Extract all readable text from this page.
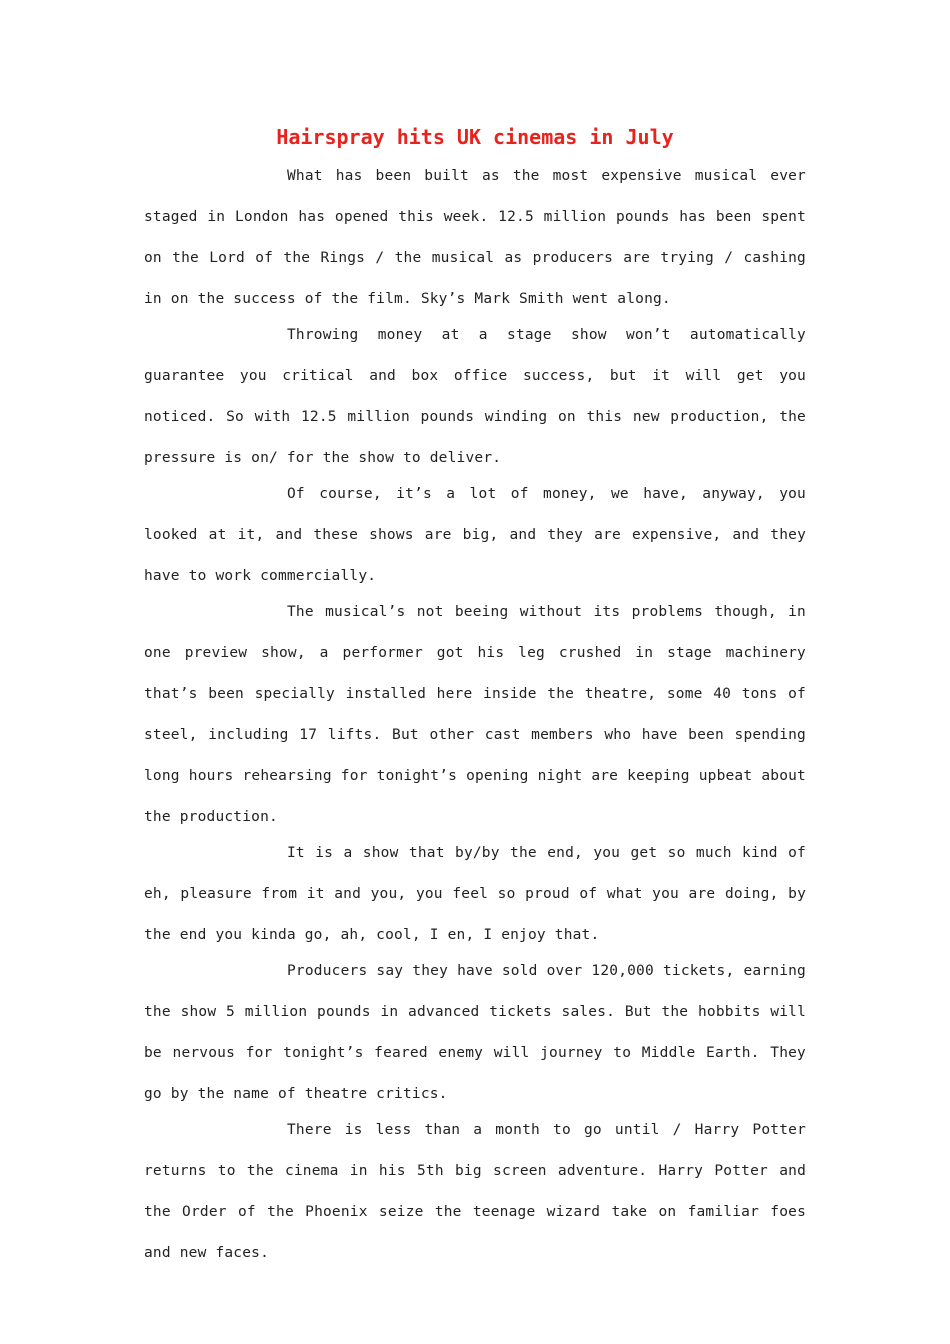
Hairspray hits UK cinemas in July

What has been built as the most expensive musical ever staged in London has opened this week. 12.5 million pounds has been spent on the Lord of the Rings / the musical as producers are trying / cashing in on the success of the film. Sky’s Mark Smith went along.

Throwing money at a stage show won’t automatically guarantee you critical and box office success, but it will get you noticed. So with 12.5 million pounds winding on this new production, the pressure is on/ for the show to deliver.

Of course, it’s a lot of money, we have, anyway, you looked at it, and these shows are big, and they are expensive, and they have to work commercially.

The musical’s not beeing without its problems though, in one preview show, a performer got his leg crushed in stage machinery that’s been specially installed here inside the theatre, some 40 tons of steel, including 17 lifts. But other cast members who have been spending long hours rehearsing for tonight’s opening night are keeping upbeat about the production.

It is a show that by/by the end, you get so much kind of eh, pleasure from it and you, you feel so proud of what you are doing, by the end you kinda go, ah, cool, I en, I enjoy that.

Producers say they have sold over 120,000 tickets, earning the show 5 million pounds in advanced tickets sales. But the hobbits will be nervous for tonight’s feared enemy will journey to Middle Earth. They go by the name of theatre critics.

There is less than a month to go until / Harry Potter returns to the cinema in his 5th big screen adventure. Harry Potter and the Order of the Phoenix seize the teenage wizard take on familiar foes and new faces.
